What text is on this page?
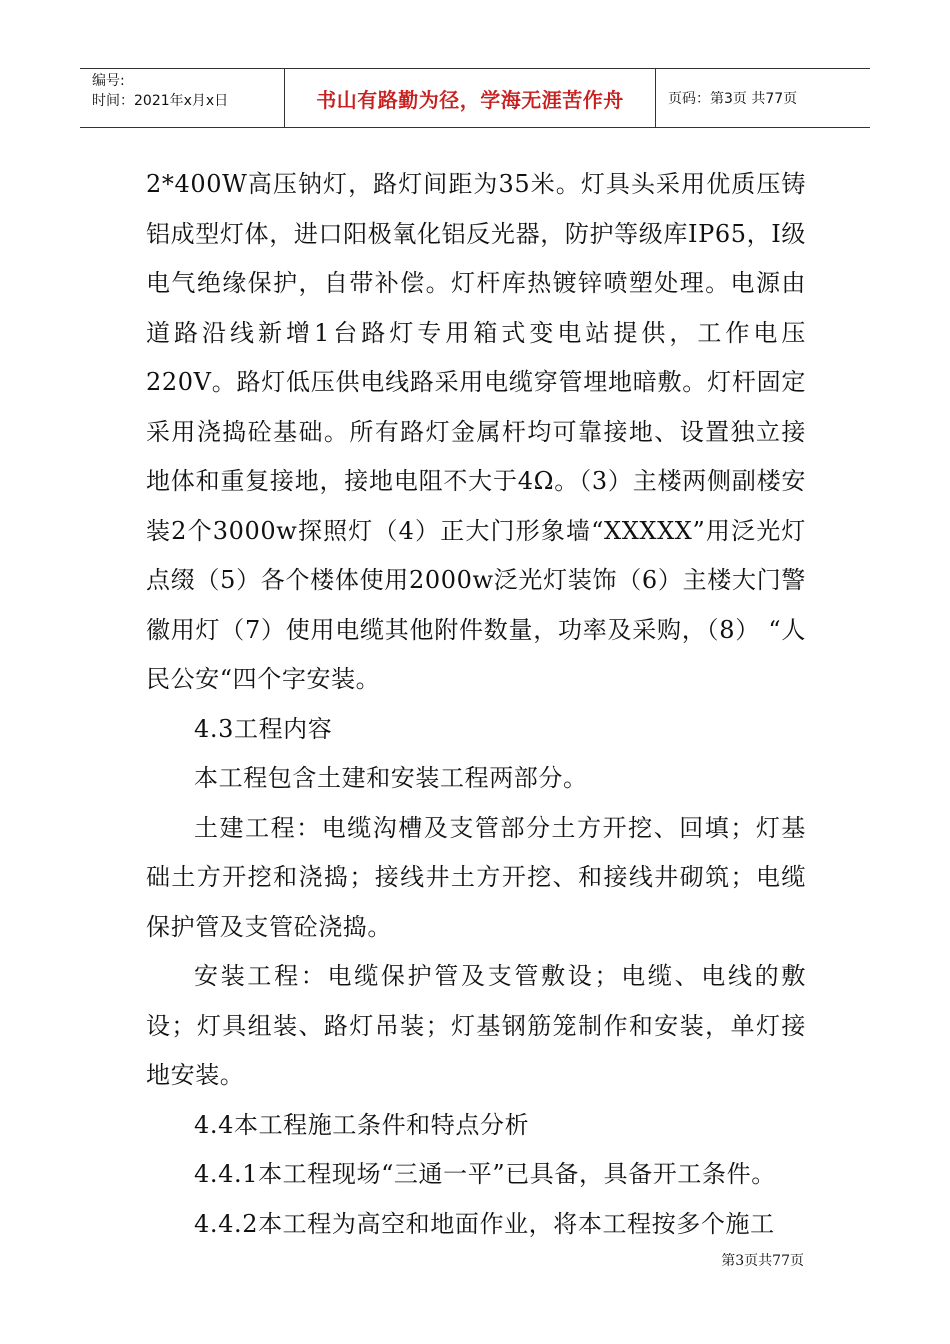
编号:
时间：2021年x月x日	书山有路勤为径，学海无涯苦作舟	页码：第3页 共77页

2*400W高压钠灯，路灯间距为35米。灯具头采用优质压铸铝成型灯体，进口阳极氧化铝反光器，防护等级库IP65，I级电气绝缘保护，自带补偿。灯杆库热镀锌喷塑处理。电源由道路沿线新增1台路灯专用箱式变电站提供，工作电压220V。路灯低压供电线路采用电缆穿管埋地暗敷。灯杆固定采用浇捣砼基础。所有路灯金属杆均可靠接地、设置独立接地体和重复接地，接地电阻不大于4Ω。（3）主楼两侧副楼安装2个3000w探照灯（4）正大门形象墙“XXXXX”用泛光灯点缀（5）各个楼体使用2000w泛光灯装饰（6）主楼大门警徽用灯（7）使用电缆其他附件数量，功率及采购，（8） “人民公安“四个字安装。

4.3工程内容

本工程包含土建和安装工程两部分。

土建工程：电缆沟槽及支管部分土方开挖、回填；灯基础土方开挖和浇捣；接线井土方开挖、和接线井砌筑；电缆保护管及支管砼浇捣。

安装工程：电缆保护管及支管敷设；电缆、电线的敷设；灯具组装、路灯吊装；灯基钢筋笼制作和安装，单灯接地安装。

4.4本工程施工条件和特点分析

4.4.1本工程现场“三通一平”已具备，具备开工条件。

4.4.2本工程为高空和地面作业，将本工程按多个施工

第3页共77页
